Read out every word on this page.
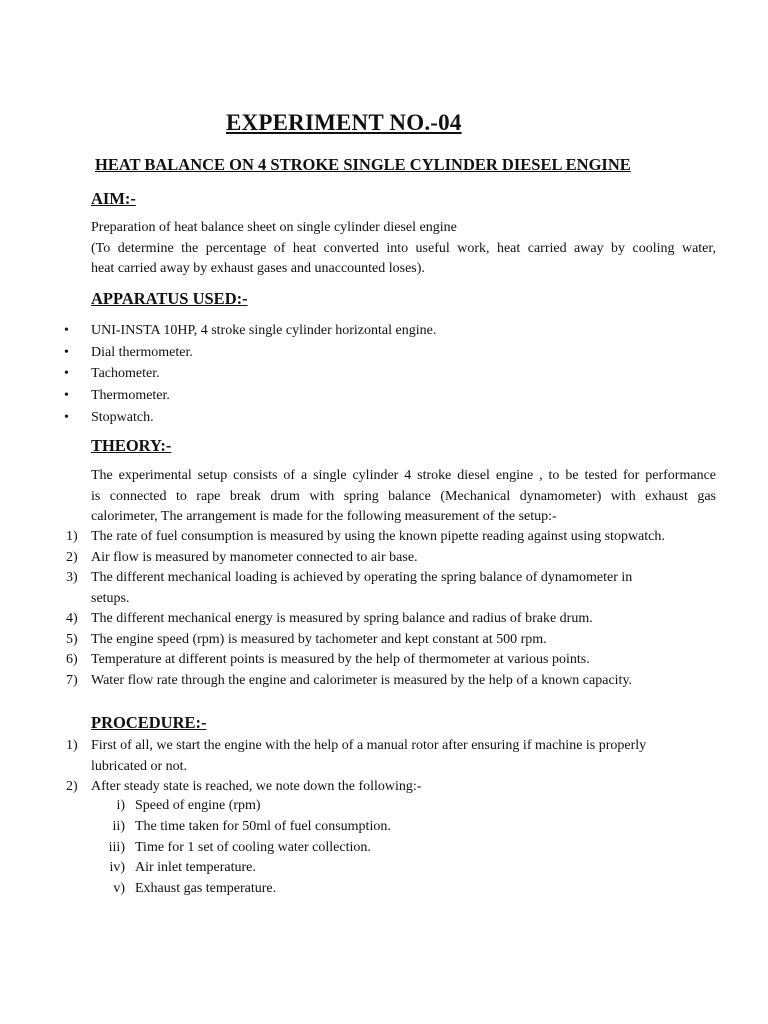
EXPERIMENT NO.-04
HEAT BALANCE ON 4 STROKE SINGLE CYLINDER DIESEL ENGINE
AIM:-
Preparation of heat balance sheet on single cylinder diesel engine
(To determine the percentage of heat converted into useful work, heat carried away by cooling water,
heat carried away by exhaust gases and unaccounted loses).
APPARATUS USED:-
• UNI-INSTA 10HP, 4 stroke single cylinder horizontal engine.
• Dial thermometer.
• Tachometer.
• Thermometer.
• Stopwatch.
THEORY:-
The experimental setup consists of a single cylinder 4 stroke diesel engine , to be tested for performance
is connected to rape break drum with spring balance (Mechanical dynamometer) with exhaust gas
calorimeter, The arrangement is made for the following measurement of the setup:-
1) The rate of fuel consumption is measured by using the known pipette reading against using stopwatch.
2) Air flow is measured by manometer connected to air base.
3) The different mechanical loading is achieved by operating the spring balance of dynamometer in setups.
4) The different mechanical energy is measured by spring balance and radius of brake drum.
5) The engine speed (rpm) is measured by tachometer and kept constant at 500 rpm.
6) Temperature at different points is measured by the help of thermometer at various points.
7) Water flow rate through the engine and calorimeter is measured by the help of a known capacity.
PROCEDURE:-
1) First of all, we start the engine with the help of a manual rotor after ensuring if machine is properly lubricated or not.
2) After steady state is reached, we note down the following:-
i) Speed of engine (rpm)
ii) The time taken for 50ml of fuel consumption.
iii) Time for 1 set of cooling water collection.
iv) Air inlet temperature.
v) Exhaust gas temperature.
